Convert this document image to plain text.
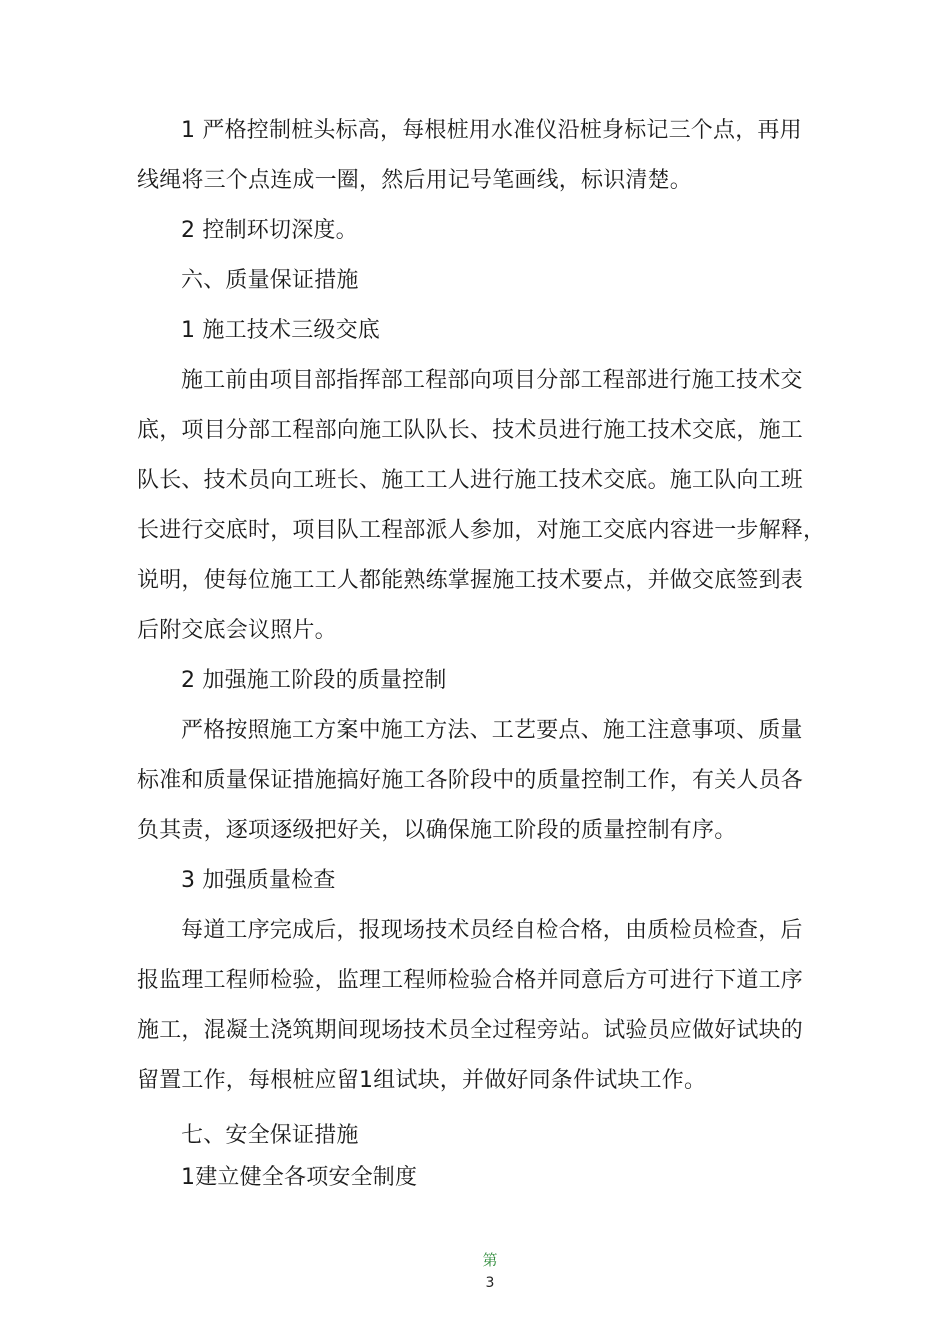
1 严格控制桩头标高，每根桩用水准仪沿桩身标记三个点，再用
线绳将三个点连成一圈，然后用记号笔画线，标识清楚。
2 控制环切深度。
六、质量保证措施
1 施工技术三级交底
施工前由项目部指挥部工程部向项目分部工程部进行施工技术交
底，项目分部工程部向施工队队长、技术员进行施工技术交底，施工
队长、技术员向工班长、施工工人进行施工技术交底。施工队向工班
长进行交底时，项目队工程部派人参加，对施工交底内容进一步解释，
说明，使每位施工工人都能熟练掌握施工技术要点，并做交底签到表
后附交底会议照片。
2 加强施工阶段的质量控制
严格按照施工方案中施工方法、工艺要点、施工注意事项、质量
标准和质量保证措施搞好施工各阶段中的质量控制工作，有关人员各
负其责，逐项逐级把好关，以确保施工阶段的质量控制有序。
3 加强质量检查
每道工序完成后，报现场技术员经自检合格，由质检员检查，后
报监理工程师检验，监理工程师检验合格并同意后方可进行下道工序
施工，混凝土浇筑期间现场技术员全过程旁站。试验员应做好试块的
留置工作，每根桩应留1组试块，并做好同条件试块工作。
七、安全保证措施
1建立健全各项安全制度
第
3
